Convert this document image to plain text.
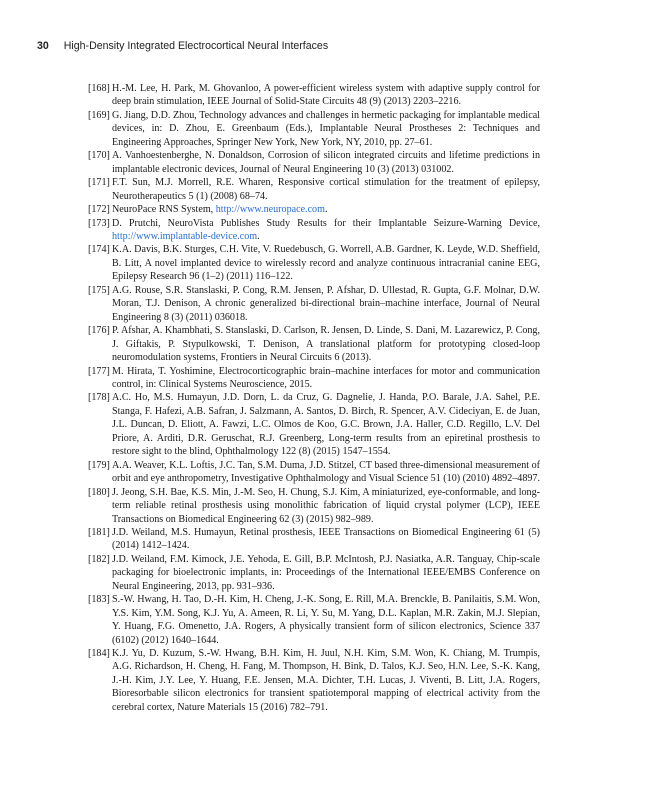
30 High-Density Integrated Electrocortical Neural Interfaces

[168] H.-M. Lee, H. Park, M. Ghovanloo, A power-efficient wireless system with adaptive supply control for deep brain stimulation, IEEE Journal of Solid-State Circuits 48 (9) (2013) 2203–2216.

[169] G. Jiang, D.D. Zhou, Technology advances and challenges in hermetic packaging for implantable medical devices, in: D. Zhou, E. Greenbaum (Eds.), Implantable Neural Prostheses 2: Techniques and Engineering Approaches, Springer New York, New York, NY, 2010, pp. 27–61.

[170] A. Vanhoestenberghe, N. Donaldson, Corrosion of silicon integrated circuits and lifetime predictions in implantable electronic devices, Journal of Neural Engineering 10 (3) (2013) 031002.

[171] F.T. Sun, M.J. Morrell, R.E. Wharen, Responsive cortical stimulation for the treatment of epilepsy, Neurotherapeutics 5 (1) (2008) 68–74.

[172] NeuroPace RNS System, http://www.neuropace.com.

[173] D. Prutchi, NeuroVista Publishes Study Results for their Implantable Seizure-Warning Device, http://www.implantable-device.com.

[174] K.A. Davis, B.K. Sturges, C.H. Vite, V. Ruedebusch, G. Worrell, A.B. Gardner, K. Leyde, W.D. Sheffield, B. Litt, A novel implanted device to wirelessly record and analyze continuous intracranial canine EEG, Epilepsy Research 96 (1–2) (2011) 116–122.

[175] A.G. Rouse, S.R. Stanslaski, P. Cong, R.M. Jensen, P. Afshar, D. Ullestad, R. Gupta, G.F. Molnar, D.W. Moran, T.J. Denison, A chronic generalized bi-directional brain–machine interface, Journal of Neural Engineering 8 (3) (2011) 036018.

[176] P. Afshar, A. Khambhati, S. Stanslaski, D. Carlson, R. Jensen, D. Linde, S. Dani, M. Lazarewicz, P. Cong, J. Giftakis, P. Stypulkowski, T. Denison, A translational platform for prototyping closed-loop neuromodulation systems, Frontiers in Neural Circuits 6 (2013).

[177] M. Hirata, T. Yoshimine, Electrocorticographic brain–machine interfaces for motor and communication control, in: Clinical Systems Neuroscience, 2015.

[178] A.C. Ho, M.S. Humayun, J.D. Dorn, L. da Cruz, G. Dagnelie, J. Handa, P.O. Barale, J.A. Sahel, P.E. Stanga, F. Hafezi, A.B. Safran, J. Salzmann, A. Santos, D. Birch, R. Spencer, A.V. Cideciyan, E. de Juan, J.L. Duncan, D. Eliott, A. Fawzi, L.C. Olmos de Koo, G.C. Brown, J.A. Haller, C.D. Regillo, L.V. Del Priore, A. Arditi, D.R. Geruschat, R.J. Greenberg, Long-term results from an epiretinal prosthesis to restore sight to the blind, Ophthalmology 122 (8) (2015) 1547–1554.

[179] A.A. Weaver, K.L. Loftis, J.C. Tan, S.M. Duma, J.D. Stitzel, CT based three-dimensional measurement of orbit and eye anthropometry, Investigative Ophthalmology and Visual Science 51 (10) (2010) 4892–4897.

[180] J. Jeong, S.H. Bae, K.S. Min, J.-M. Seo, H. Chung, S.J. Kim, A miniaturized, eye-conformable, and long-term reliable retinal prosthesis using monolithic fabrication of liquid crystal polymer (LCP), IEEE Transactions on Biomedical Engineering 62 (3) (2015) 982–989.

[181] J.D. Weiland, M.S. Humayun, Retinal prosthesis, IEEE Transactions on Biomedical Engineering 61 (5) (2014) 1412–1424.

[182] J.D. Weiland, F.M. Kimock, J.E. Yehoda, E. Gill, B.P. McIntosh, P.J. Nasiatka, A.R. Tanguay, Chip-scale packaging for bioelectronic implants, in: Proceedings of the International IEEE/EMBS Conference on Neural Engineering, 2013, pp. 931–936.

[183] S.-W. Hwang, H. Tao, D.-H. Kim, H. Cheng, J.-K. Song, E. Rill, M.A. Brenckle, B. Panilaitis, S.M. Won, Y.S. Kim, Y.M. Song, K.J. Yu, A. Ameen, R. Li, Y. Su, M. Yang, D.L. Kaplan, M.R. Zakin, M.J. Slepian, Y. Huang, F.G. Omenetto, J.A. Rogers, A physically transient form of silicon electronics, Science 337 (6102) (2012) 1640–1644.

[184] K.J. Yu, D. Kuzum, S.-W. Hwang, B.H. Kim, H. Juul, N.H. Kim, S.M. Won, K. Chiang, M. Trumpis, A.G. Richardson, H. Cheng, H. Fang, M. Thompson, H. Bink, D. Talos, K.J. Seo, H.N. Lee, S.-K. Kang, J.-H. Kim, J.Y. Lee, Y. Huang, F.E. Jensen, M.A. Dichter, T.H. Lucas, J. Viventi, B. Litt, J.A. Rogers, Bioresorbable silicon electronics for transient spatiotemporal mapping of electrical activity from the cerebral cortex, Nature Materials 15 (2016) 782–791.
